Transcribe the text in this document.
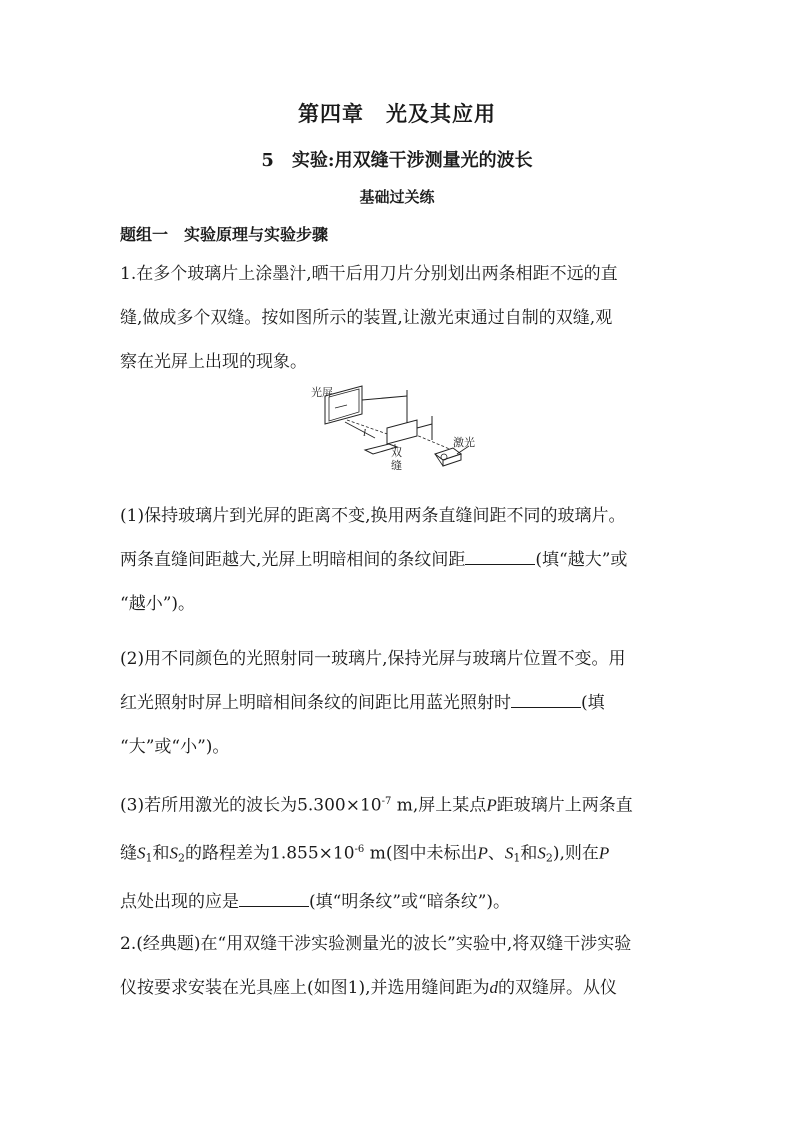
第四章　光及其应用
5　实验:用双缝干涉测量光的波长
基础过关练
题组一　实验原理与实验步骤
1.在多个玻璃片上涂墨汁,晒干后用刀片分别划出两条相距不远的直
缝,做成多个双缝。按如图所示的装置,让激光束通过自制的双缝,观
察在光屏上出现的现象。
光屏
l
双
缝
激光
(1)保持玻璃片到光屏的距离不变,换用两条直缝间距不同的玻璃片。
两条直缝间距越大,光屏上明暗相间的条纹间距	(填“越大”或
“越小”)。
(2)用不同颜色的光照射同一玻璃片,保持光屏与玻璃片位置不变。用
红光照射时屏上明暗相间条纹的间距比用蓝光照射时	(填
“大”或“小”)。
(3)若所用激光的波长为$5.300\times 10^{-7}$ m,屏上某点P距玻璃片上两条直
缝$S_1$和$S_2$的路程差为$1.855\times 10^{-6}$ m(图中未标出P、$S_1$和$S_2$),则在P
点处出现的应是	(填“明条纹”或“暗条纹”)。
2.(经典题)在“用双缝干涉实验测量光的波长”实验中,将双缝干涉实验
仪按要求安装在光具座上(如图1),并选用缝间距为d的双缝屏。从仪
